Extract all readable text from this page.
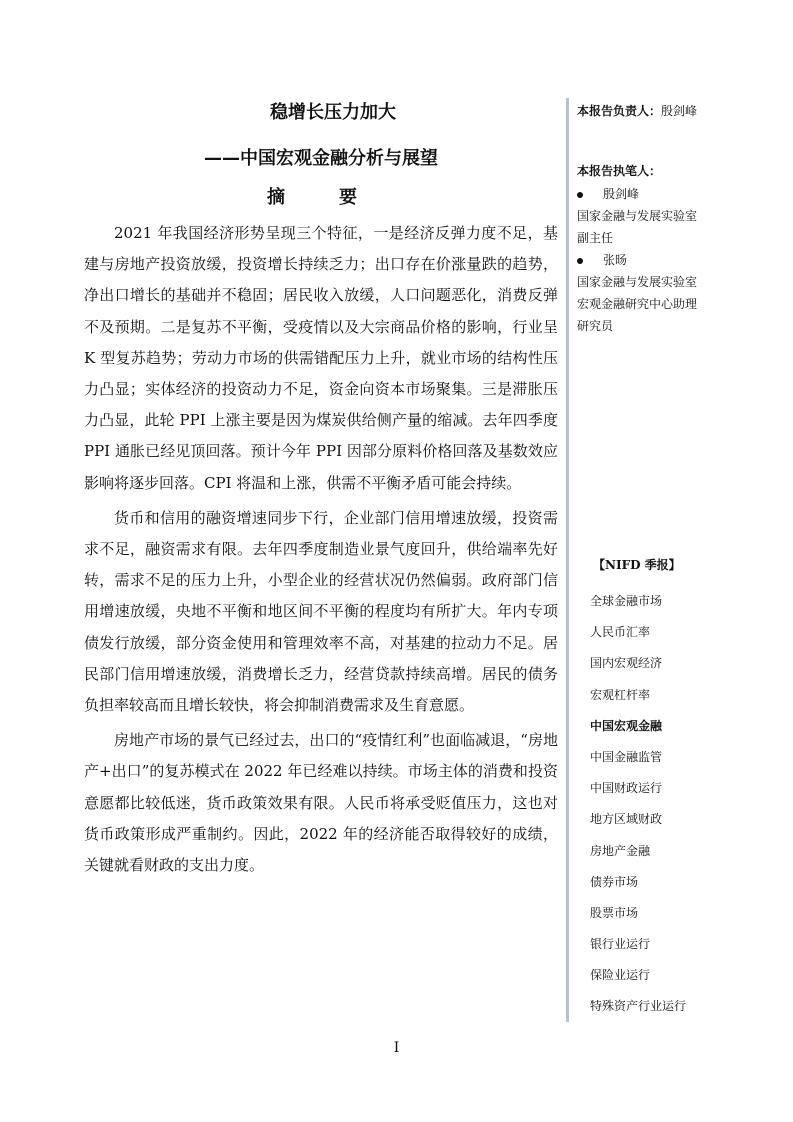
稳增长压力加大
——中国宏观金融分析与展望
摘　要

2021 年我国经济形势呈现三个特征，一是经济反弹力度不足，基建与房地产投资放缓，投资增长持续乏力；出口存在价涨量跌的趋势，净出口增长的基础并不稳固；居民收入放缓，人口问题恶化，消费反弹不及预期。二是复苏不平衡，受疫情以及大宗商品价格的影响，行业呈 K 型复苏趋势；劳动力市场的供需错配压力上升，就业市场的结构性压力凸显；实体经济的投资动力不足，资金向资本市场聚集。三是滞胀压力凸显，此轮 PPI 上涨主要是因为煤炭供给侧产量的缩减。去年四季度 PPI 通胀已经见顶回落。预计今年 PPI 因部分原料价格回落及基数效应影响将逐步回落。CPI 将温和上涨，供需不平衡矛盾可能会持续。

货币和信用的融资增速同步下行，企业部门信用增速放缓，投资需求不足，融资需求有限。去年四季度制造业景气度回升，供给端率先好转，需求不足的压力上升，小型企业的经营状况仍然偏弱。政府部门信用增速放缓，央地不平衡和地区间不平衡的程度均有所扩大。年内专项债发行放缓，部分资金使用和管理效率不高，对基建的拉动力不足。居民部门信用增速放缓，消费增长乏力，经营贷款持续高增。居民的债务负担率较高而且增长较快，将会抑制消费需求及生育意愿。

房地产市场的景气已经过去，出口的“疫情红利”也面临减退，“房地产+出口”的复苏模式在 2022 年已经难以持续。市场主体的消费和投资意愿都比较低迷，货币政策效果有限。人民币将承受贬值压力，这也对货币政策形成严重制约。因此，2022 年的经济能否取得较好的成绩，关键就看财政的支出力度。

本报告负责人：殷剑峰

本报告执笔人：

殷剑峰

国家金融与发展实验室

副主任

张旸

国家金融与发展实验室

宏观金融研究中心助理

研究员

【NIFD 季报】

全球金融市场
人民币汇率
国内宏观经济
宏观杠杆率
中国宏观金融
中国金融监管
中国财政运行
地方区域财政
房地产金融
债券市场
股票市场
银行业运行
保险业运行
特殊资产行业运行
I
